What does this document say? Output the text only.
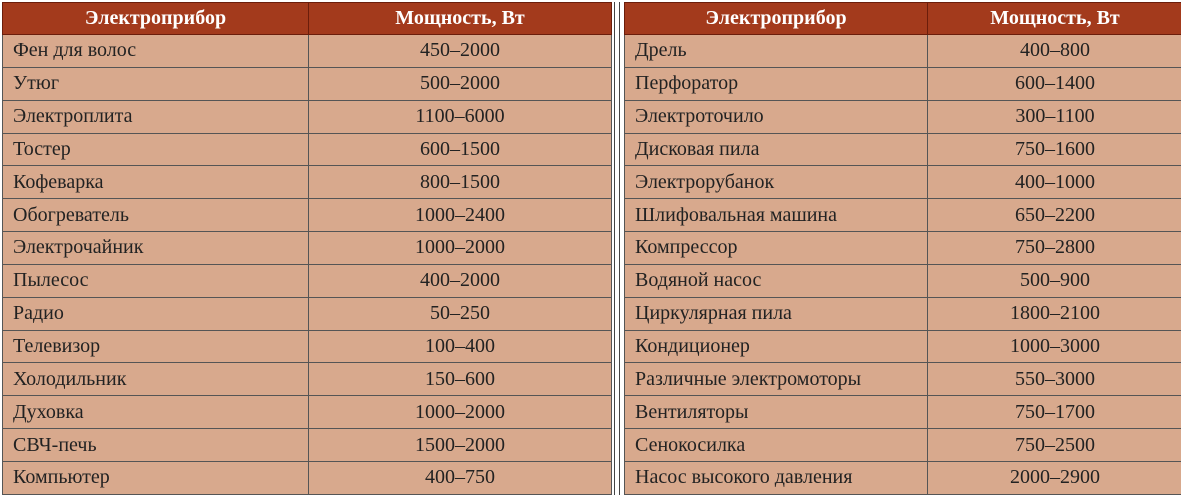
Электроприбор	Мощность, Вт
Фен для волос	450–2000
Утюг	500–2000
Электроплита	1100–6000
Тостер	600–1500
Кофеварка	800–1500
Обогреватель	1000–2400
Электрочайник	1000–2000
Пылесос	400–2000
Радио	50–250
Телевизор	100–400
Холодильник	150–600
Духовка	1000–2000
СВЧ-печь	1500–2000
Компьютер	400–750
Электроприбор	Мощность, Вт
Дрель	400–800
Перфоратор	600–1400
Электроточило	300–1100
Дисковая пила	750–1600
Электрорубанок	400–1000
Шлифовальная машина	650–2200
Компрессор	750–2800
Водяной насос	500–900
Циркулярная пила	1800–2100
Кондиционер	1000–3000
Различные электромоторы	550–3000
Вентиляторы	750–1700
Сенокосилка	750–2500
Насос высокого давления	2000–2900
